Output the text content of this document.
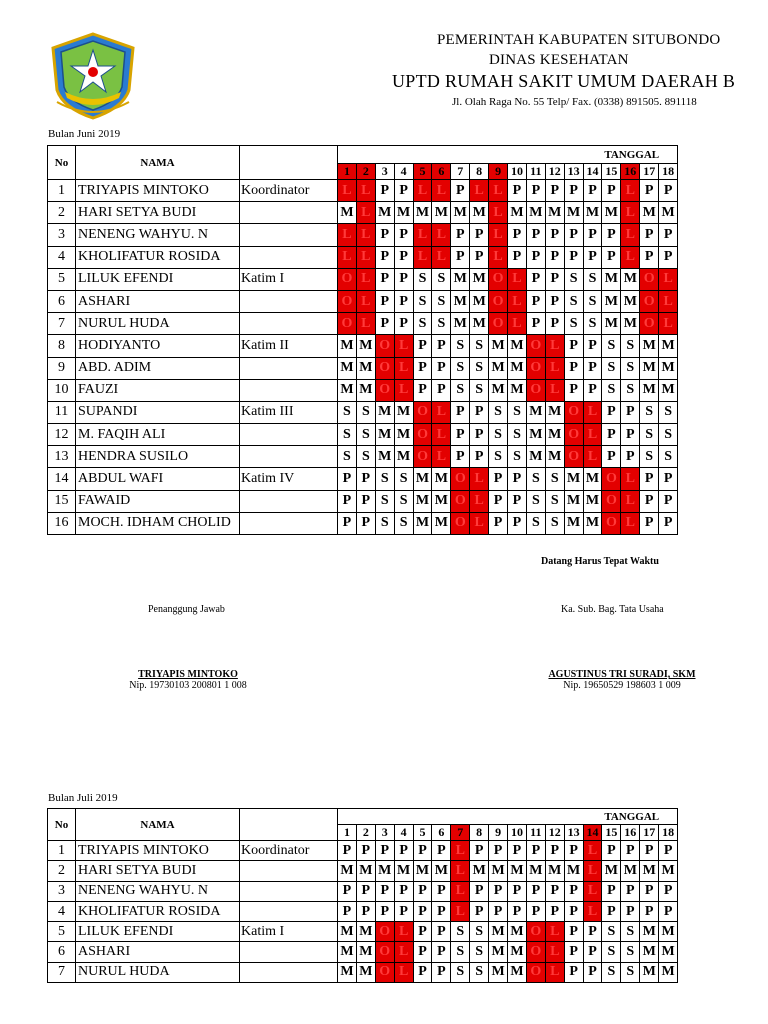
PEMERINTAH KABUPATEN SITUBONDO
DINAS KESEHATAN
UPTD RUMAH SAKIT UMUM DAERAH B
Jl. Olah Raga No. 55 Telp/ Fax. (0338) 891505. 891118
Bulan Juni 2019
No	NAMA		TANGGAL																	
			1	2	3	4	5	6	7	8	9	10	11	12	13	14	15	16	17	18
1	TRIYAPIS MINTOKO	Koordinator	L	L	P	P	L	L	P	L	L	P	P	P	P	P	P	L	P	P
2	HARI SETYA BUDI		M	L	M	M	M	M	M	M	L	M	M	M	M	M	M	L	M	M
3	NENENG WAHYU. N		L	L	P	P	L	L	P	P	L	P	P	P	P	P	P	L	P	P
4	KHOLIFATUR ROSIDA		L	L	P	P	L	L	P	P	L	P	P	P	P	P	P	L	P	P
5	LILUK EFENDI	Katim I	O	L	P	P	S	S	M	M	O	L	P	P	S	S	M	M	O	L
6	ASHARI		O	L	P	P	S	S	M	M	O	L	P	P	S	S	M	M	O	L
7	NURUL HUDA		O	L	P	P	S	S	M	M	O	L	P	P	S	S	M	M	O	L
8	HODIYANTO	Katim II	M	M	O	L	P	P	S	S	M	M	O	L	P	P	S	S	M	M
9	ABD. ADIM		M	M	O	L	P	P	S	S	M	M	O	L	P	P	S	S	M	M
10	FAUZI		M	M	O	L	P	P	S	S	M	M	O	L	P	P	S	S	M	M
11	SUPANDI	Katim III	S	S	M	M	O	L	P	P	S	S	M	M	O	L	P	P	S	S
12	M. FAQIH ALI		S	S	M	M	O	L	P	P	S	S	M	M	O	L	P	P	S	S
13	HENDRA SUSILO		S	S	M	M	O	L	P	P	S	S	M	M	O	L	P	P	S	S
14	ABDUL WAFI	Katim IV	P	P	S	S	M	M	O	L	P	P	S	S	M	M	O	L	P	P
15	FAWAID		P	P	S	S	M	M	O	L	P	P	S	S	M	M	O	L	P	P
16	MOCH. IDHAM CHOLID		P	P	S	S	M	M	O	L	P	P	S	S	M	M	O	L	P	P
Datang Harus Tepat Waktu
Penanggung Jawab
TRIYAPIS MINTOKO
Nip. 19730103 200801 1 008
Ka. Sub. Bag. Tata Usaha
AGUSTINUS TRI SURADI, SKM
Nip. 19650529 198603 1 009
Bulan Juli 2019
No	NAMA		TANGGAL																	
			1	2	3	4	5	6	7	8	9	10	11	12	13	14	15	16	17	18
1	TRIYAPIS MINTOKO	Koordinator	P	P	P	P	P	P	L	P	P	P	P	P	P	L	P	P	P	P
2	HARI SETYA BUDI		M	M	M	M	M	M	L	M	M	M	M	M	M	L	M	M	M	M
3	NENENG WAHYU. N		P	P	P	P	P	P	L	P	P	P	P	P	P	L	P	P	P	P
4	KHOLIFATUR ROSIDA		P	P	P	P	P	P	L	P	P	P	P	P	P	L	P	P	P	P
5	LILUK EFENDI	Katim I	M	M	O	L	P	P	S	S	M	M	O	L	P	P	S	S	M	M
6	ASHARI		M	M	O	L	P	P	S	S	M	M	O	L	P	P	S	S	M	M
7	NURUL HUDA		M	M	O	L	P	P	S	S	M	M	O	L	P	P	S	S	M	M
